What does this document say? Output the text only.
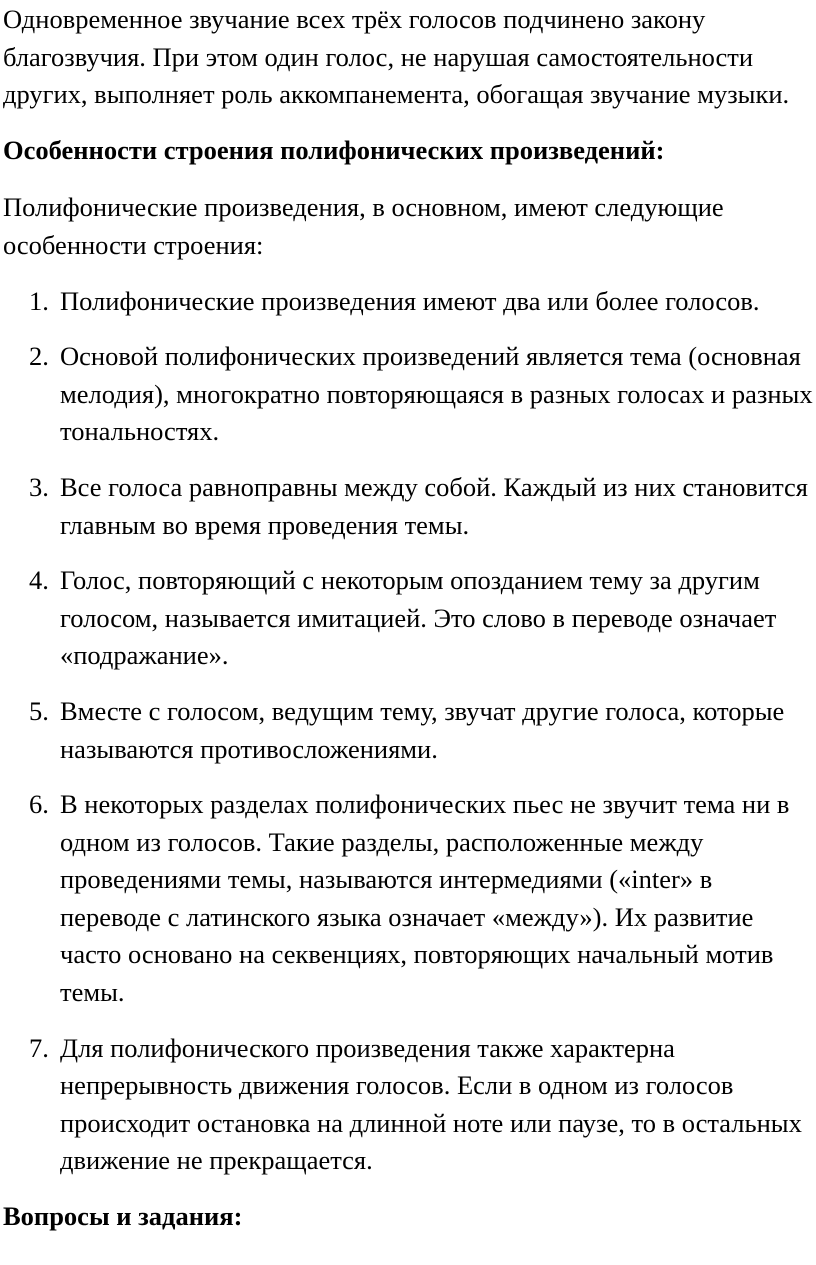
Одновременное звучание всех трёх голосов подчинено закону благозвучия. При этом один голос, не нарушая самостоятельности других, выполняет роль аккомпанемента, обогащая звучание музыки.

Особенности строения полифонических произведений:

Полифонические произведения, в основном, имеют следующие особенности строения:

1. Полифонические произведения имеют два или более голосов.
2. Основой полифонических произведений является тема (основная мелодия), многократно повторяющаяся в разных голосах и разных тональностях.
3. Все голоса равноправны между собой. Каждый из них становится главным во время проведения темы.
4. Голос, повторяющий с некоторым опозданием тему за другим голосом, называется имитацией. Это слово в переводе означает «подражание».
5. Вместе с голосом, ведущим тему, звучат другие голоса, которые называются противосложениями.
6. В некоторых разделах полифонических пьес не звучит тема ни в одном из голосов. Такие разделы, расположенные между проведениями темы, называются интермедиями («inter» в переводе с латинского языка означает «между»). Их развитие часто основано на секвенциях, повторяющих начальный мотив темы.
7. Для полифонического произведения также характерна непрерывность движения голосов. Если в одном из голосов происходит остановка на длинной ноте или паузе, то в остальных движение не прекращается.

Вопросы и задания:
